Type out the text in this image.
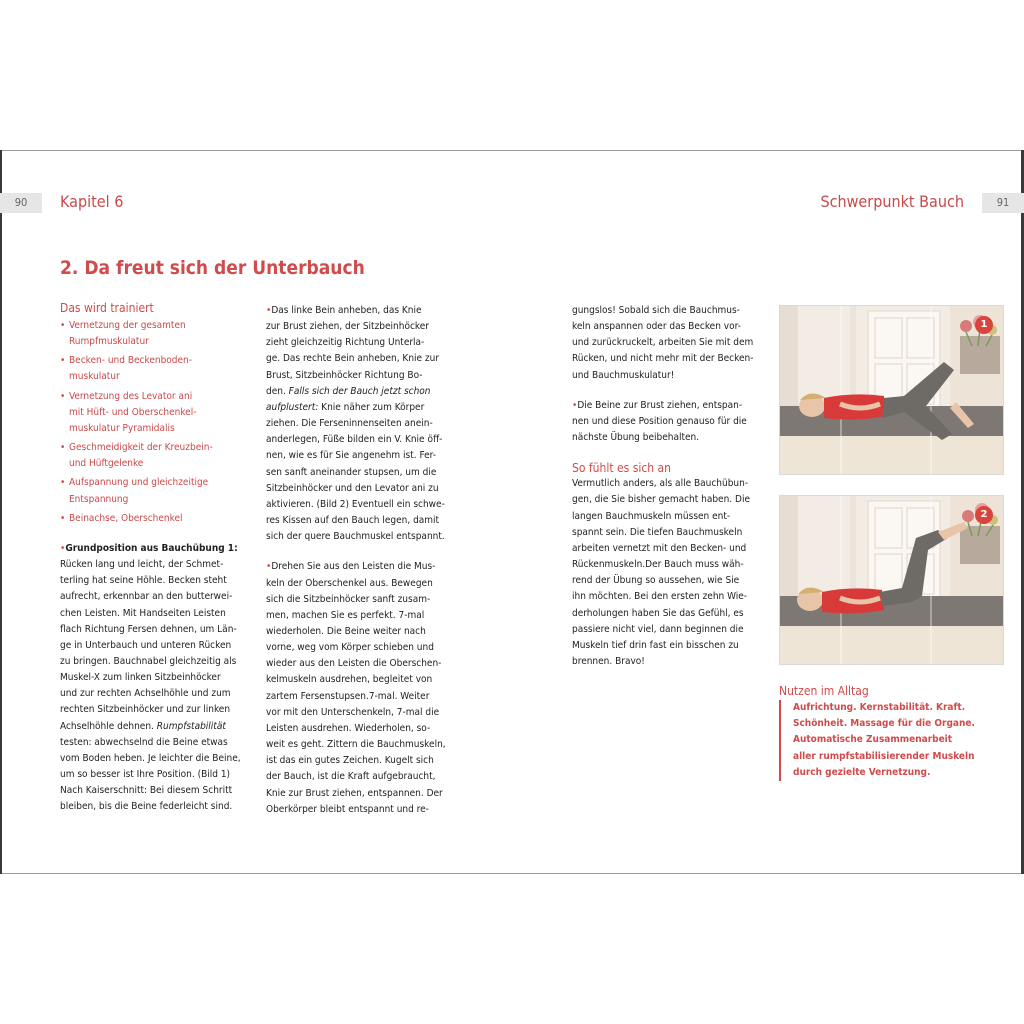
90	Kapitel 6	Schwerpunkt Bauch	91
2. Da freut sich der Unterbauch
Das wird trainiert
• Vernetzung der gesamten
Rumpfmuskulatur
• Becken- und Beckenboden-
muskulatur
• Vernetzung des Levator ani
mit Hüft- und Oberschenkel-
muskulatur Pyramidalis
• Geschmeidigkeit der Kreuzbein-
und Hüftgelenke
• Aufspannung und gleichzeitige
Entspannung
• Beinachse, Oberschenkel
•Grundposition aus Bauchübung 1:
Rücken lang und leicht, der Schmet-
terling hat seine Höhle. Becken steht
aufrecht, erkennbar an den butterwei-
chen Leisten. Mit Handseiten Leisten
flach Richtung Fersen dehnen, um Län-
ge in Unterbauch und unteren Rücken
zu bringen. Bauchnabel gleichzeitig als
Muskel-X zum linken Sitzbeinhöcker
und zur rechten Achselhöhle und zum
rechten Sitzbeinhöcker und zur linken
Achselhöhle dehnen. Rumpfstabilität
testen: abwechselnd die Beine etwas
vom Boden heben. Je leichter die Beine,
um so besser ist Ihre Position. (Bild 1)
Nach Kaiserschnitt: Bei diesem Schritt
bleiben, bis die Beine federleicht sind.
•Das linke Bein anheben, das Knie
zur Brust ziehen, der Sitzbeinhöcker
zieht gleichzeitig Richtung Unterla-
ge. Das rechte Bein anheben, Knie zur
Brust, Sitzbeinhöcker Richtung Bo-
den. Falls sich der Bauch jetzt schon
aufplustert: Knie näher zum Körper
ziehen. Die Ferseninnenseiten anein-
anderlegen, Füße bilden ein V. Knie öff-
nen, wie es für Sie angenehm ist. Fer-
sen sanft aneinander stupsen, um die
Sitzbeinhöcker und den Levator ani zu
aktivieren. (Bild 2) Eventuell ein schwe-
res Kissen auf den Bauch legen, damit
sich der quere Bauchmuskel entspannt.
•Drehen Sie aus den Leisten die Mus-
keln der Oberschenkel aus. Bewegen
sich die Sitzbeinhöcker sanft zusam-
men, machen Sie es perfekt. 7-mal
wiederholen. Die Beine weiter nach
vorne, weg vom Körper schieben und
wieder aus den Leisten die Oberschen-
kelmuskeln ausdrehen, begleitet von
zartem Fersenstupsen.7-mal. Weiter
vor mit den Unterschenkeln, 7-mal die
Leisten ausdrehen. Wiederholen, so-
weit es geht. Zittern die Bauchmuskeln,
ist das ein gutes Zeichen. Kugelt sich
der Bauch, ist die Kraft aufgebraucht,
Knie zur Brust ziehen, entspannen. Der
Oberkörper bleibt entspannt und re-
gungslos! Sobald sich die Bauchmus-
keln anspannen oder das Becken vor-
und zurückruckelt, arbeiten Sie mit dem
Rücken, und nicht mehr mit der Becken-
und Bauchmuskulatur!
•Die Beine zur Brust ziehen, entspan-
nen und diese Position genauso für die
nächste Übung beibehalten.
So fühlt es sich an
Vermutlich anders, als alle Bauchübun-
gen, die Sie bisher gemacht haben. Die
langen Bauchmuskeln müssen ent-
spannt sein. Die tiefen Bauchmuskeln
arbeiten vernetzt mit den Becken- und
Rückenmuskeln.Der Bauch muss wäh-
rend der Übung so aussehen, wie Sie
ihn möchten. Bei den ersten zehn Wie-
derholungen haben Sie das Gefühl, es
passiere nicht viel, dann beginnen die
Muskeln tief drin fast ein bisschen zu
brennen. Bravo!
1
2
Nutzen im Alltag
Aufrichtung. Kernstabilität. Kraft.
Schönheit. Massage für die Organe.
Automatische Zusammenarbeit
aller rumpfstabilisierender Muskeln
durch gezielte Vernetzung.
